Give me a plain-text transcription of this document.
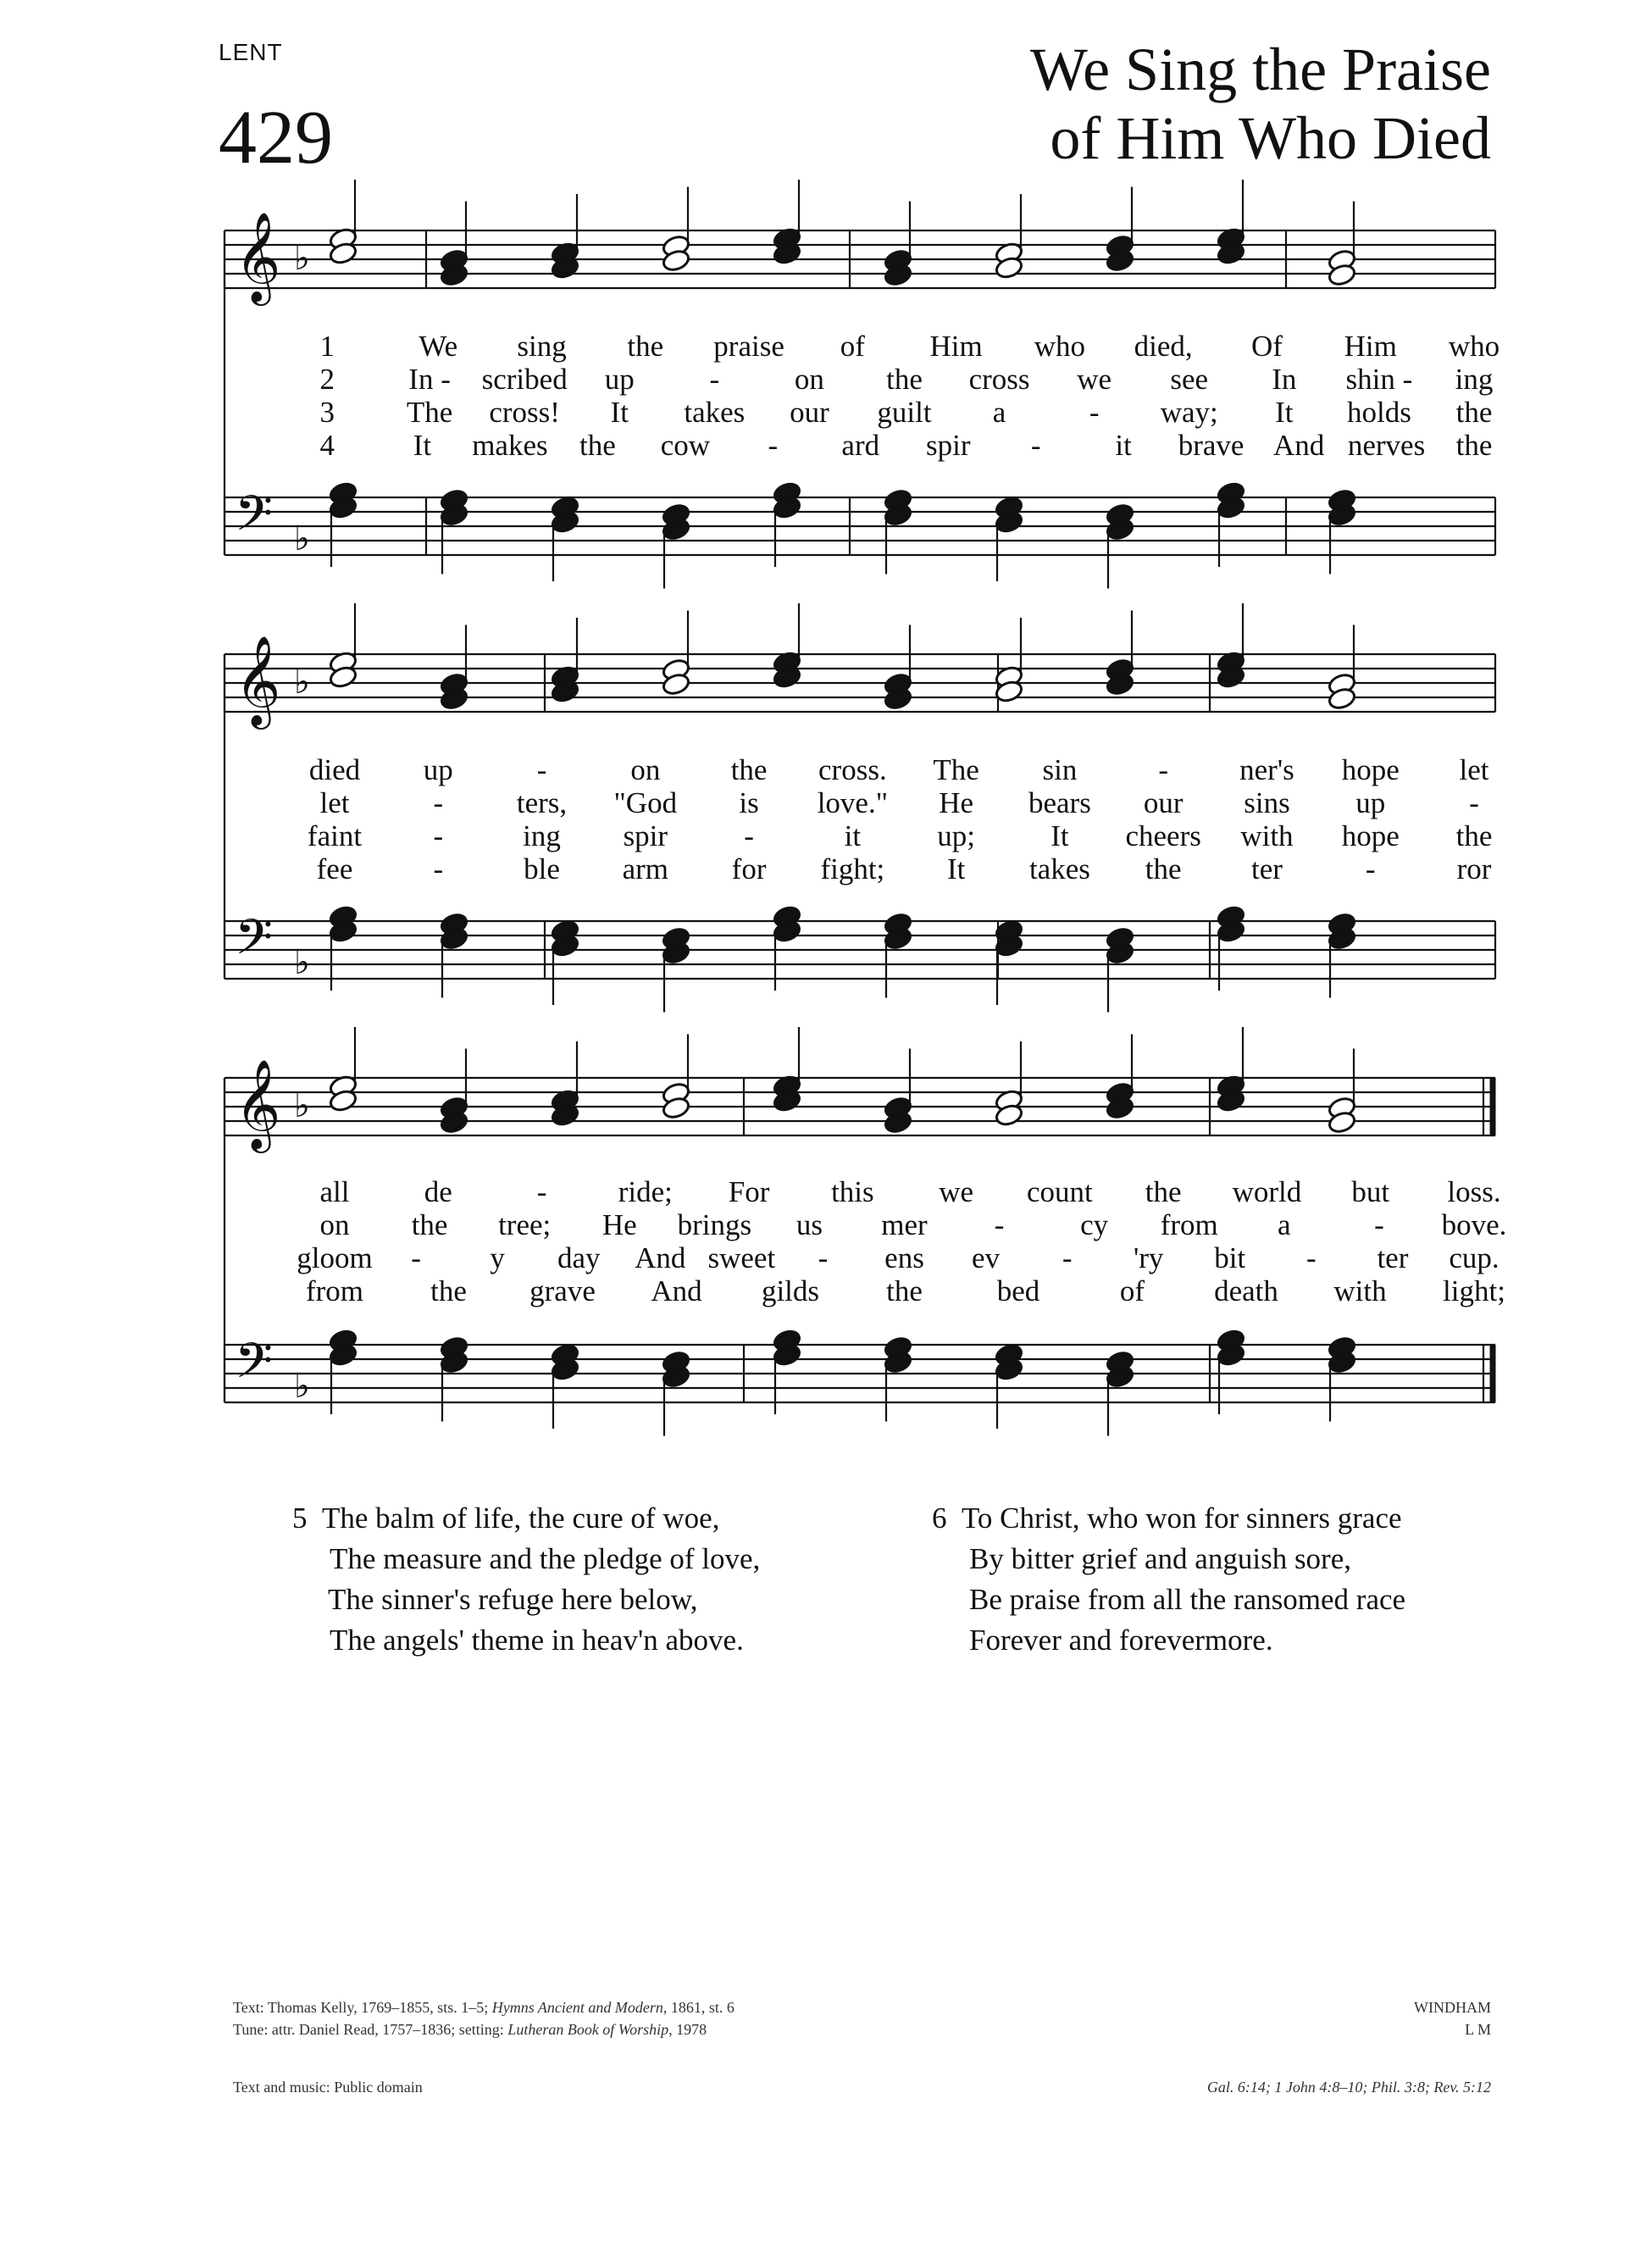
LENT
429
We Sing the Praise
of Him Who Died
𝄞 ♭
𝄢 ♭
1	We sing the praise of Him who died, Of Him who
2 In - scribed up	-	on the cross we see In shin - ing
3 The cross! It takes our guilt a	- way; It holds the
4	It makes the cow - ard spir -	it brave And nerves the
𝄞 ♭
𝄢 ♭
died up	-	on the cross. The sin	- ner's hope let
let	- ters, "God is love." He bears our sins up	-
faint -	ing spir	-	it	up;	It cheers with hope the
fee	-	ble arm for fight; It takes the ter	-	ror
𝄞 ♭
𝄢 ♭
all	de	- ride; For this we count the world but loss.
on the tree; He brings us mer -	cy from a	- bove.
gloom - y day And sweet - ens ev - 'ry bit - ter cup.
from the grave And gilds the	bed	of death with light;
5 The balm of life, the cure of woe,
The measure and the pledge of love,
The sinner's refuge here below,
The angels' theme in heav'n above.
6 To Christ, who won for sinners grace
By bitter grief and anguish sore,
Be praise from all the ransomed race
Forever and forevermore.
Text: Thomas Kelly, 1769–1855, sts. 1–5; Hymns Ancient and Modern, 1861, st. 6
Tune: attr. Daniel Read, 1757–1836; setting: Lutheran Book of Worship, 1978
WINDHAM
L M
Text and music: Public domain	Gal. 6:14; 1 John 4:8–10; Phil. 3:8; Rev. 5:12
